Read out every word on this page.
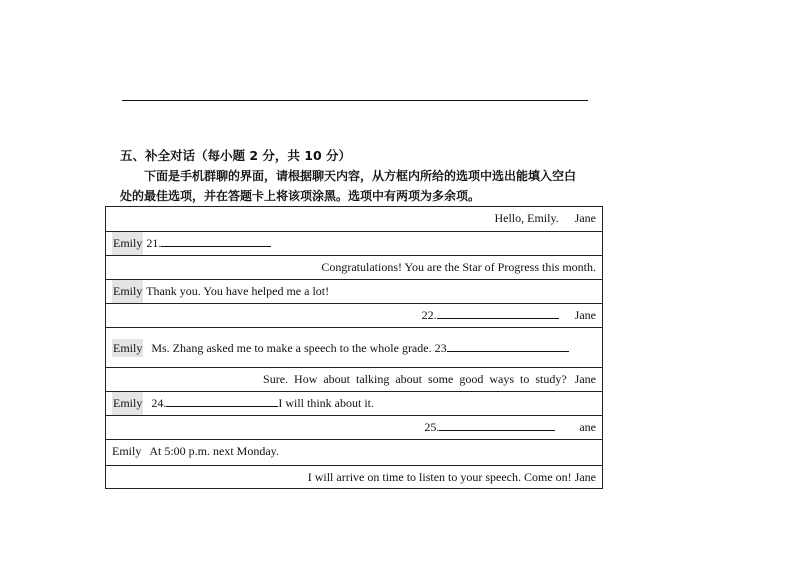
五、补全对话（每小题 2 分，共 10 分）
下面是手机群聊的界面，请根据聊天内容，从方框内所给的选项中选出能填入空白
处的最佳选项，并在答题卡上将该项涂黑。选项中有两项为多余项。
Hello, Emily. Jane
Emily 21.
Congratulations! You are the Star of Progress this month.
Emily Thank you. You have helped me a lot!
22.	Jane
Emily Ms. Zhang asked me to make a speech to the whole grade. 23
Sure. How about talking about some good ways to study? Jane
Emily 24.	I will think about it.
25.	ane
Emily At 5:00 p.m. next Monday.
I will arrive on time to listen to your speech. Come on! Jane
